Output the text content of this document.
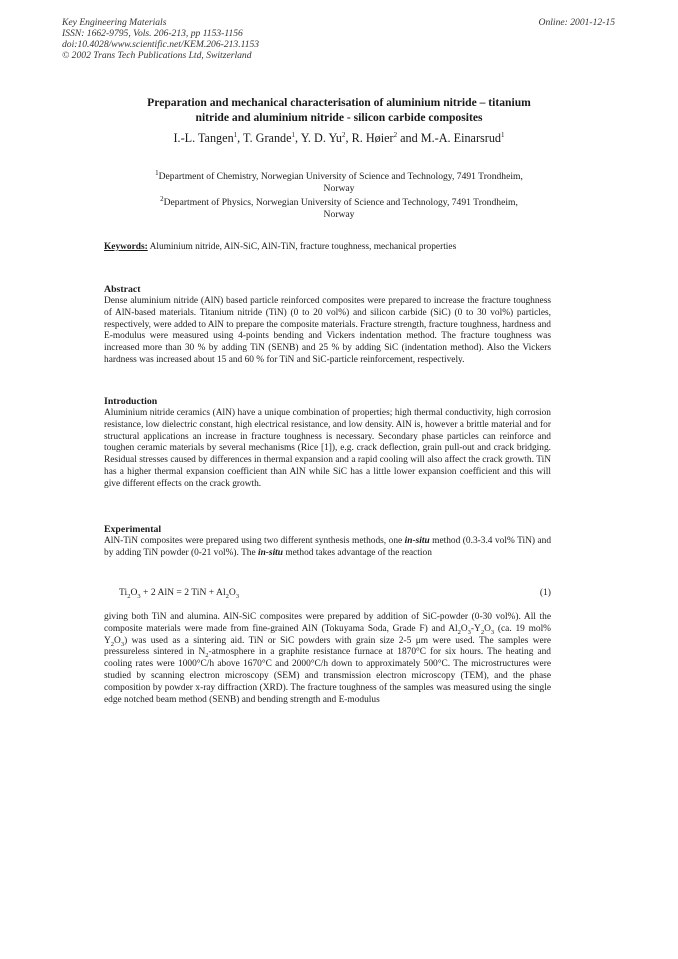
Key Engineering Materials
ISSN: 1662-9795, Vols. 206-213, pp 1153-1156
doi:10.4028/www.scientific.net/KEM.206-213.1153
© 2002 Trans Tech Publications Ltd, Switzerland
Online: 2001-12-15
Preparation and mechanical characterisation of aluminium nitride – titanium
nitride and aluminium nitride - silicon carbide composites
I.-L. Tangen$^1$, T. Grande$^1$, Y. D. Yu$^2$, R. Høier$^2$ and M.-A. Einarsrud$^1$
$^1$Department of Chemistry, Norwegian University of Science and Technology, 7491 Trondheim,
Norway
$^2$Department of Physics, Norwegian University of Science and Technology, 7491 Trondheim,
Norway
Keywords: Aluminium nitride, AlN-SiC, AlN-TiN, fracture toughness, mechanical properties
Abstract

Dense aluminium nitride (AlN) based particle reinforced composites were prepared to increase the fracture toughness of AlN-based materials. Titanium nitride (TiN) (0 to 20 vol%) and silicon carbide (SiC) (0 to 30 vol%) particles, respectively, were added to AlN to prepare the composite materials. Fracture strength, fracture toughness, hardness and E-modulus were measured using 4-points bending and Vickers indentation method. The fracture toughness was increased more than 30 % by adding TiN (SENB) and 25 % by adding SiC (indentation method). Also the Vickers hardness was increased about 15 and 60 % for TiN and SiC-particle reinforcement, respectively.

Introduction

Aluminium nitride ceramics (AlN) have a unique combination of properties; high thermal conductivity, high corrosion resistance, low dielectric constant, high electrical resistance, and low density. AlN is, however a brittle material and for structural applications an increase in fracture toughness is necessary. Secondary phase particles can reinforce and toughen ceramic materials by several mechanisms (Rice [1]), e.g. crack deflection, grain pull-out and crack bridging. Residual stresses caused by differences in thermal expansion and a rapid cooling will also affect the crack growth. TiN has a higher thermal expansion coefficient than AlN while SiC has a little lower expansion coefficient and this will give different effects on the crack growth.

Experimental

AlN-TiN composites were prepared using two different synthesis methods, one in-situ method (0.3-3.4 vol% TiN) and by adding TiN powder (0-21 vol%). The in-situ method takes advantage of the reaction

$Ti_2O_3 + 2$ AlN = 2 TiN + $Al_2O_3$	(1)

giving both TiN and alumina. AlN-SiC composites were prepared by addition of SiC-powder (0-30 vol%). All the composite materials were made from fine-grained AlN (Tokuyama Soda, Grade F) and $Al_2O_3-Y_2O_3$ (ca. 19 mol% $Y_2O_3$) was used as a sintering aid. TiN or SiC powders with grain size 2-5 μm were used. The samples were pressureless sintered in $N_2$-atmosphere in a graphite resistance furnace at 1870°C for six hours. The heating and cooling rates were 1000°C/h above 1670°C and 2000°C/h down to approximately 500°C. The microstructures were studied by scanning electron microscopy (SEM) and transmission electron microscopy (TEM), and the phase composition by powder x-ray diffraction (XRD). The fracture toughness of the samples was measured using the single edge notched beam method (SENB) and bending strength and E-modulus
